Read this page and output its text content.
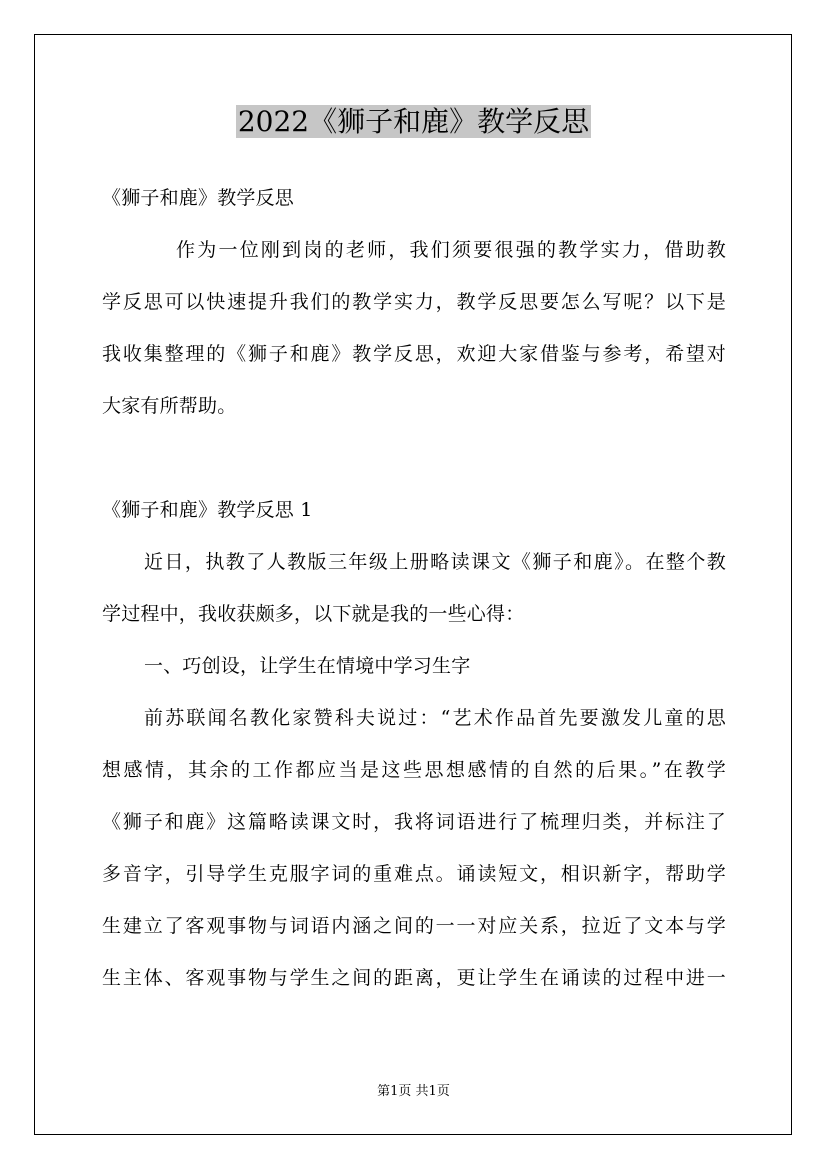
2022《狮子和鹿》教学反思
《狮子和鹿》教学反思
作为一位刚到岗的老师，我们须要很强的教学实力，借助教
学反思可以快速提升我们的教学实力，教学反思要怎么写呢？以下是
我收集整理的《狮子和鹿》教学反思，欢迎大家借鉴与参考，希望对
大家有所帮助。
《狮子和鹿》教学反思 1
近日，执教了人教版三年级上册略读课文《狮子和鹿》。在整个教
学过程中，我收获颇多，以下就是我的一些心得：
一、巧创设，让学生在情境中学习生字
前苏联闻名教化家赞科夫说过：“艺术作品首先要激发儿童的思
想感情，其余的工作都应当是这些思想感情的自然的后果。”在教学
《狮子和鹿》这篇略读课文时，我将词语进行了梳理归类，并标注了
多音字，引导学生克服字词的重难点。诵读短文，相识新字，帮助学
生建立了客观事物与词语内涵之间的一一对应关系，拉近了文本与学
生主体、客观事物与学生之间的距离，更让学生在诵读的过程中进一
第1页 共1页
